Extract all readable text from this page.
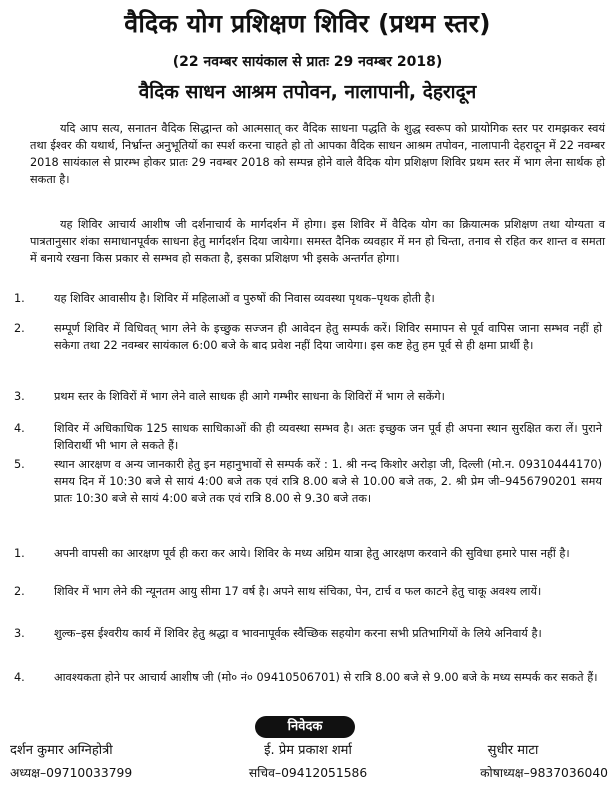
वैदिक योग प्रशिक्षण शिविर (प्रथम स्तर)
(22 नवम्बर सायंकाल से प्रातः 29 नवम्बर 2018)
वैदिक साधन आश्रम तपोवन, नालापानी, देहरादून
यदि आप सत्य, सनातन वैदिक सिद्धान्त को आत्मसात् कर वैदिक साधना पद्धति के शुद्ध स्वरूप को प्रायोगिक स्तर पर रामझकर स्वयं तथा ईश्वर की यथार्थ, निर्भ्रान्त अनुभूतियों का स्पर्श करना चाहते हो तो आपका वैदिक साधन आश्रम तपोवन, नालापानी देहरादून में 22 नवम्बर 2018 सायंकाल से प्रारम्भ होकर प्रातः 29 नवम्बर 2018 को सम्पन्न होने वाले वैदिक योग प्रशिक्षण शिविर प्रथम स्तर में भाग लेना सार्थक हो सकता है।
यह शिविर आचार्य आशीष जी दर्शनाचार्य के मार्गदर्शन में होगा। इस शिविर में वैदिक योग का क्रियात्मक प्रशिक्षण तथा योग्यता व पात्रतानुसार शंका समाधानपूर्वक साधना हेतु मार्गदर्शन दिया जायेगा। समस्त दैनिक व्यवहार में मन हो चिन्ता, तनाव से रहित कर शान्त व समता में बनाये रखना किस प्रकार से सम्भव हो सकता है, इसका प्रशिक्षण भी इसके अन्तर्गत होगा।
1.	यह शिविर आवासीय है। शिविर में महिलाओं व पुरुषों की निवास व्यवस्था पृथक–पृथक होती है।
2.	सम्पूर्ण शिविर में विधिवत् भाग लेने के इच्छुक सज्जन ही आवेदन हेतु सम्पर्क करें। शिविर समापन से पूर्व वापिस जाना सम्भव नहीं हो सकेगा तथा 22 नवम्बर सायंकाल 6:00 बजे के बाद प्रवेश नहीं दिया जायेगा। इस कष्ट हेतु हम पूर्व से ही क्षमा प्रार्थी है।
3.	प्रथम स्तर के शिविरों में भाग लेने वाले साधक ही आगे गम्भीर साधना के शिविरों में भाग ले सकेंगे।
4.	शिविर में अधिकाधिक 125 साधक साधिकाओं की ही व्यवस्था सम्भव है। अतः इच्छुक जन पूर्व ही अपना स्थान सुरक्षित करा लें। पुराने शिविरार्थी भी भाग ले सकते हैं।
5.	स्थान आरक्षण व अन्य जानकारी हेतु इन महानुभावों से सम्पर्क करें : 1. श्री नन्द किशोर अरोड़ा जी, दिल्ली (मो.न. 09310444170) समय दिन में 10:30 बजे से सायं 4:00 बजे तक एवं रात्रि 8.00 बजे से 10.00 बजे तक, 2. श्री प्रेम जी–9456790201 समय प्रातः 10:30 बजे से सायं 4:00 बजे तक एवं रात्रि 8.00 से 9.30 बजे तक।
1.	अपनी वापसी का आरक्षण पूर्व ही करा कर आये। शिविर के मध्य अग्रिम यात्रा हेतु आरक्षण करवाने की सुविधा हमारे पास नहीं है।
2.	शिविर में भाग लेने की न्यूनतम आयु सीमा 17 वर्ष है। अपने साथ संचिका, पेन, टार्च व फल काटने हेतु चाकू अवश्य लायें।
3.	शुल्क–इस ईश्वरीय कार्य में शिविर हेतु श्रद्धा व भावनापूर्वक स्वैच्छिक सहयोग करना सभी प्रतिभागियों के लिये अनिवार्य है।
4.	आवश्यकता होने पर आचार्य आशीष जी (मो० नं० 09410506701) से रात्रि 8.00 बजे से 9.00 बजे के मध्य सम्पर्क कर सकते हैं।
निवेदक
दर्शन कुमार अग्निहोत्री
अध्यक्ष–09710033799
ई. प्रेम प्रकाश शर्मा
सचिव–09412051586
सुधीर माटा
कोषाध्यक्ष–9837036040
